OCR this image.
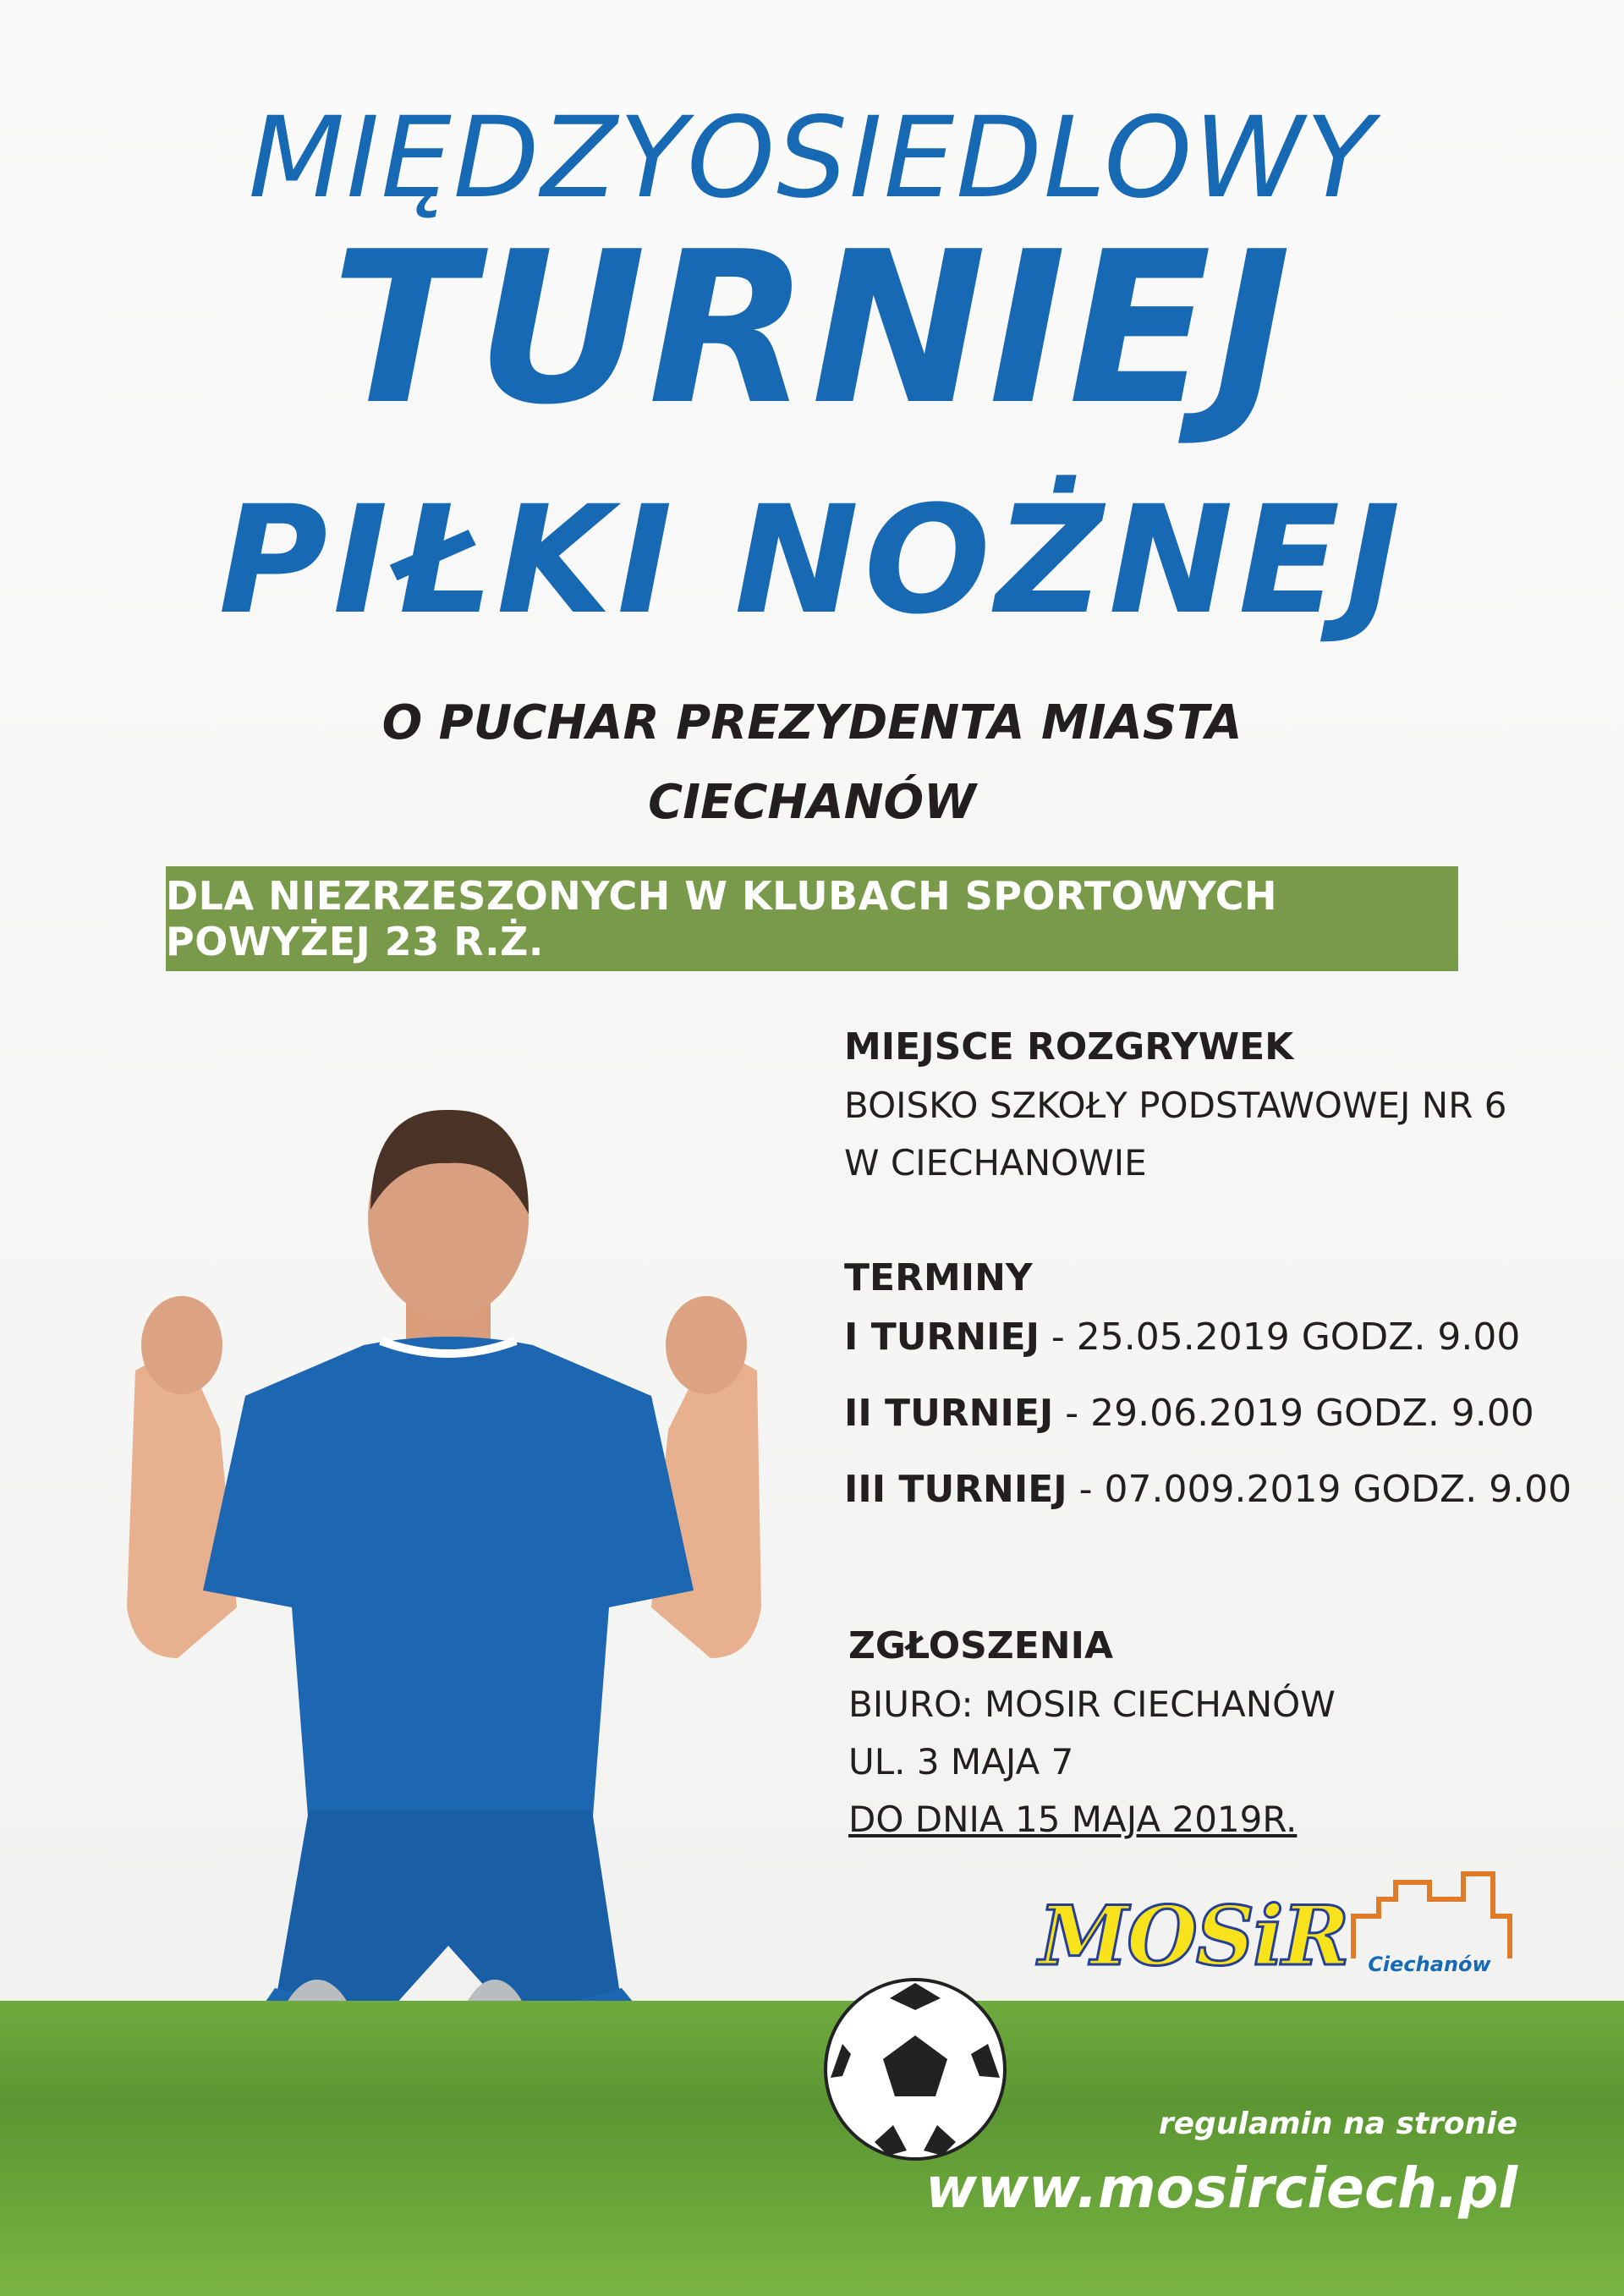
MIĘDZYOSIEDLOWY
TURNIEJ
PIŁKI NOŻNEJ
O PUCHAR PREZYDENTA MIASTA
CIECHANÓW
DLA NIEZRZESZONYCH W KLUBACH SPORTOWYCH POWYŻEJ 23 R.Ż.
MIEJSCE ROZGRYWEK
BOISKO SZKOŁY PODSTAWOWEJ NR 6
W CIECHANOWIE
TERMINY
I TURNIEJ - 25.05.2019 GODZ. 9.00
II TURNIEJ - 29.06.2019 GODZ. 9.00
III TURNIEJ - 07.009.2019 GODZ. 9.00
ZGŁOSZENIA
BIURO: MOSIR CIECHANÓW
UL. 3 MAJA 7
DO DNIA 15 MAJA 2019R.
MOSiR Ciechanów
regulamin na stronie
www.mosirciech.pl
